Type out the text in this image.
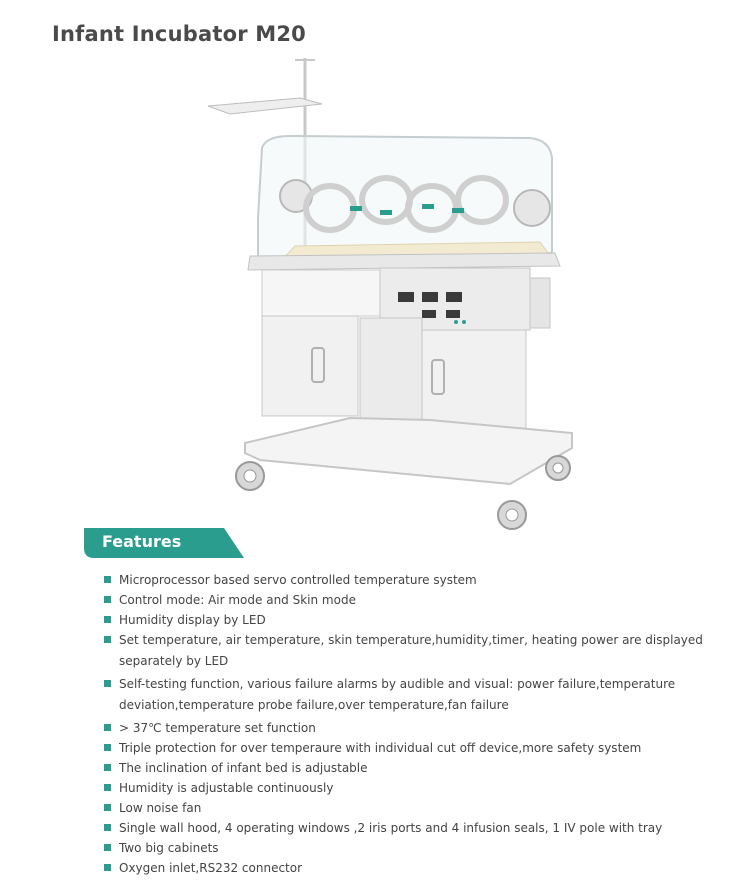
Infant Incubator M20
Features
Microprocessor based servo controlled temperature system
Control mode: Air mode and Skin mode
Humidity display by LED
Set temperature, air temperature, skin temperature,humidity,timer, heating power are displayed separately by LED
Self-testing function, various failure alarms by audible and visual: power failure,temperature deviation,temperature probe failure,over temperature,fan failure
> 37℃ temperature set function
Triple protection for over temperaure with individual cut off device,more safety system
The inclination of infant bed is adjustable
Humidity is adjustable continuously
Low noise fan
Single wall hood, 4 operating windows ,2 iris ports and 4 infusion seals, 1 IV pole with tray
Two big cabinets
Oxygen inlet,RS232 connector
